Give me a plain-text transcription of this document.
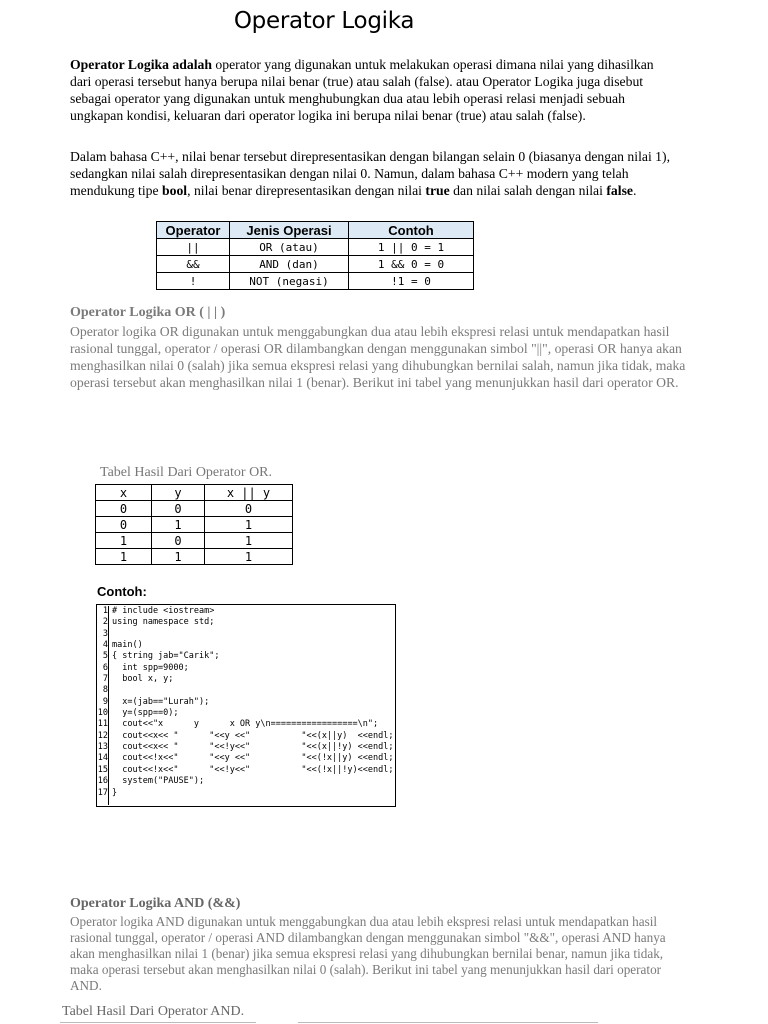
Operator Logika

Operator Logika adalah operator yang digunakan untuk melakukan operasi dimana nilai yang dihasilkan dari operasi tersebut hanya berupa nilai benar (true) atau salah (false). atau Operator Logika juga disebut sebagai operator yang digunakan untuk menghubungkan dua atau lebih operasi relasi menjadi sebuah ungkapan kondisi, keluaran dari operator logika ini berupa nilai benar (true) atau salah (false).

Dalam bahasa C++, nilai benar tersebut direpresentasikan dengan bilangan selain 0 (biasanya dengan nilai 1), sedangkan nilai salah direpresentasikan dengan nilai 0. Namun, dalam bahasa C++ modern yang telah mendukung tipe bool, nilai benar direpresentasikan dengan nilai true dan nilai salah dengan nilai false.

Operator	Jenis Operasi	Contoh
||	OR (atau)	1 || 0 = 1
&&	AND (dan)	1 && 0 = 0
!	NOT (negasi)	!1 = 0
Operator Logika OR ( | | )

Operator logika OR digunakan untuk menggabungkan dua atau lebih ekspresi relasi untuk mendapatkan hasil rasional tunggal, operator / operasi OR dilambangkan dengan menggunakan simbol "||", operasi OR hanya akan menghasilkan nilai 0 (salah) jika semua ekspresi relasi yang dihubungkan bernilai salah, namun jika tidak, maka operasi tersebut akan menghasilkan nilai 1 (benar). Berikut ini tabel yang menunjukkan hasil dari operator OR.

Tabel Hasil Dari Operator OR.
x	y	x || y
0	0	0
0	1	1
1	0	1
1	1	1
Contoh:
1
2
3
4
5
6
7
8
9
10
11
12
13
14
15
16
17
# include <iostream>
using namespace std;
main()
{ string jab="Carik";
int spp=9000;
bool x, y;
x=(jab=="Lurah");
y=(spp==0);
cout<<"x      y      x OR y\n=================\n";
cout<<x<< "      "<<y <<"          "<<(x||y)  <<endl;
cout<<x<< "      "<<!y<<"          "<<(x||!y) <<endl;
cout<<!x<<"      "<<y <<"          "<<(!x||y) <<endl;
cout<<!x<<"      "<<!y<<"          "<<(!x||!y)<<endl;
system("PAUSE");
}
Operator Logika AND (&&)

Operator logika AND digunakan untuk menggabungkan dua atau lebih ekspresi relasi untuk mendapatkan hasil rasional tunggal, operator / operasi AND dilambangkan dengan menggunakan simbol "&&", operasi AND hanya akan menghasilkan nilai 1 (benar) jika semua ekspresi relasi yang dihubungkan bernilai benar, namun jika tidak, maka operasi tersebut akan menghasilkan nilai 0 (salah). Berikut ini tabel yang menunjukkan hasil dari operator AND.

Tabel Hasil Dari Operator AND.
